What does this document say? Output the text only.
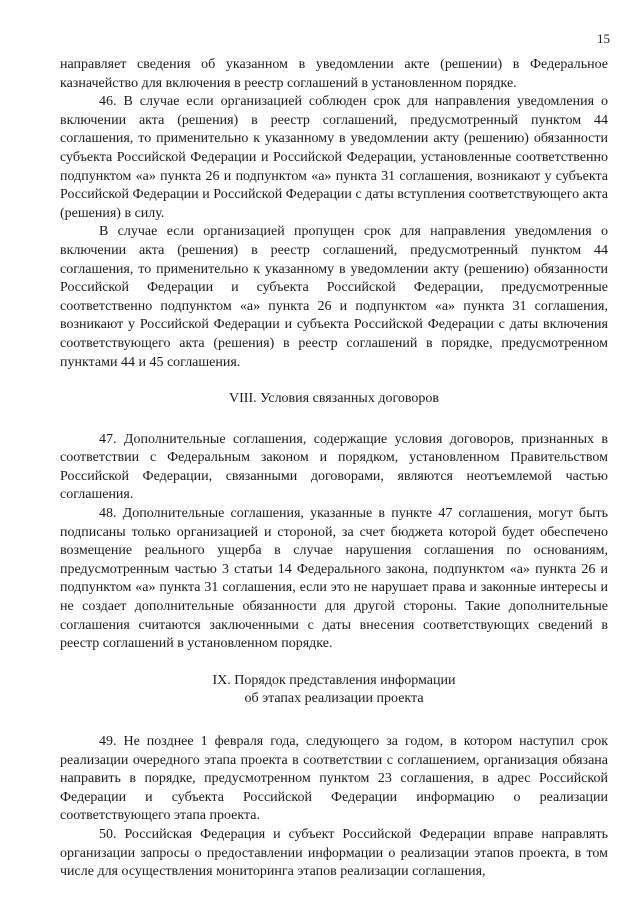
15

направляет сведения об указанном в уведомлении акте (решении) в Федеральное казначейство для включения в реестр соглашений в установленном порядке.

46. В случае если организацией соблюден срок для направления уведомления о включении акта (решения) в реестр соглашений, предусмотренный пунктом 44 соглашения, то применительно к указанному в уведомлении акту (решению) обязанности субъекта Российской Федерации и Российской Федерации, установленные соответственно подпунктом «а» пункта 26 и подпунктом «а» пункта 31 соглашения, возникают у субъекта Российской Федерации и Российской Федерации с даты вступления соответствующего акта (решения) в силу.

В случае если организацией пропущен срок для направления уведомления о включении акта (решения) в реестр соглашений, предусмотренный пунктом 44 соглашения, то применительно к указанному в уведомлении акту (решению) обязанности Российской Федерации и субъекта Российской Федерации, предусмотренные соответственно подпунктом «а» пункта 26 и подпунктом «а» пункта 31 соглашения, возникают у Российской Федерации и субъекта Российской Федерации с даты включения соответствующего акта (решения) в реестр соглашений в порядке, предусмотренном пунктами 44 и 45 соглашения.

VIII. Условия связанных договоров

47. Дополнительные соглашения, содержащие условия договоров, признанных в соответствии с Федеральным законом и порядком, установленном Правительством Российской Федерации, связанными договорами, являются неотъемлемой частью соглашения.

48. Дополнительные соглашения, указанные в пункте 47 соглашения, могут быть подписаны только организацией и стороной, за счет бюджета которой будет обеспечено возмещение реального ущерба в случае нарушения соглашения по основаниям, предусмотренным частью 3 статьи 14 Федерального закона, подпунктом «а» пункта 26 и подпунктом «а» пункта 31 соглашения, если это не нарушает права и законные интересы и не создает дополнительные обязанности для другой стороны. Такие дополнительные соглашения считаются заключенными с даты внесения соответствующих сведений в реестр соглашений в установленном порядке.

IX. Порядок представления информации
об этапах реализации проекта

49. Не позднее 1 февраля года, следующего за годом, в котором наступил срок реализации очередного этапа проекта в соответствии с соглашением, организация обязана направить в порядке, предусмотренном пунктом 23 соглашения, в адрес Российской Федерации и субъекта Российской Федерации информацию о реализации соответствующего этапа проекта.

50. Российская Федерация и субъект Российской Федерации вправе направлять организации запросы о предоставлении информации о реализации этапов проекта, в том числе для осуществления мониторинга этапов реализации соглашения,
